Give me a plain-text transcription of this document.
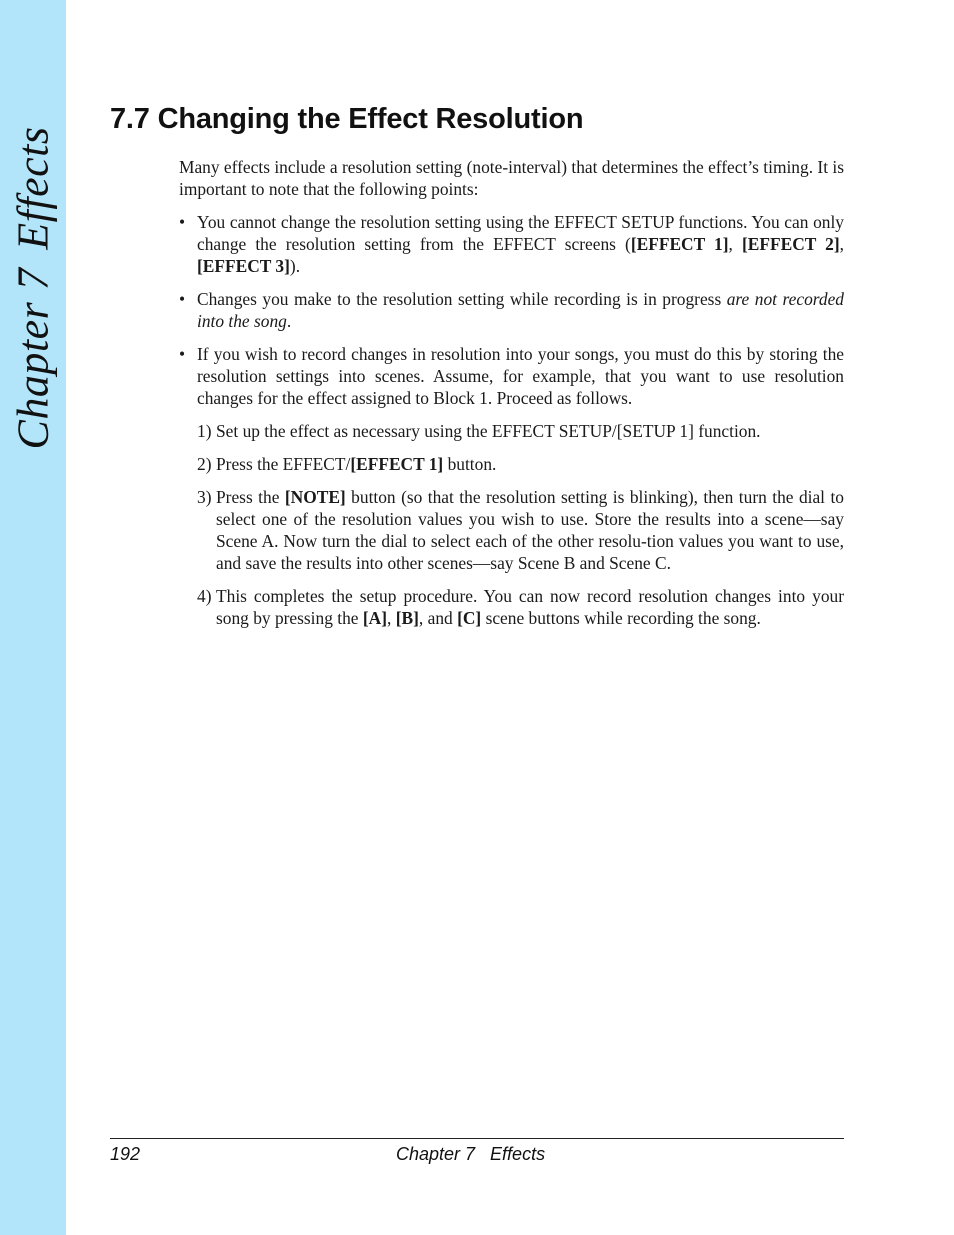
Chapter 7Effects
7.7 Changing the Effect Resolution

Many effects include a resolution setting (note-interval) that determines the effect’s timing. It is important to note that the following points:

• You cannot change the resolution setting using the EFFECT SETUP functions. You can only change the resolution setting from the EFFECT screens ([EFFECT 1], [EFFECT 2], [EFFECT 3]).
• Changes you make to the resolution setting while recording is in progress are not recorded into the song.
• If you wish to record changes in resolution into your songs, you must do this by storing the resolution settings into scenes. Assume, for example, that you want to use resolution changes for the effect assigned to Block 1. Proceed as follows.
1) Set up the effect as necessary using the EFFECT SETUP/[SETUP 1] function.
2) Press the EFFECT/[EFFECT 1] button.
3) Press the [NOTE] button (so that the resolution setting is blinking), then turn the dial to select one of the resolution values you wish to use. Store the results into a scene—say Scene A. Now turn the dial to select each of the other resolu-tion values you want to use, and save the results into other scenes—say Scene B and Scene C.
4) This completes the setup procedure. You can now record resolution changes into your song by pressing the [A], [B], and [C] scene buttons while recording the song.
192	Chapter 7   Effects
